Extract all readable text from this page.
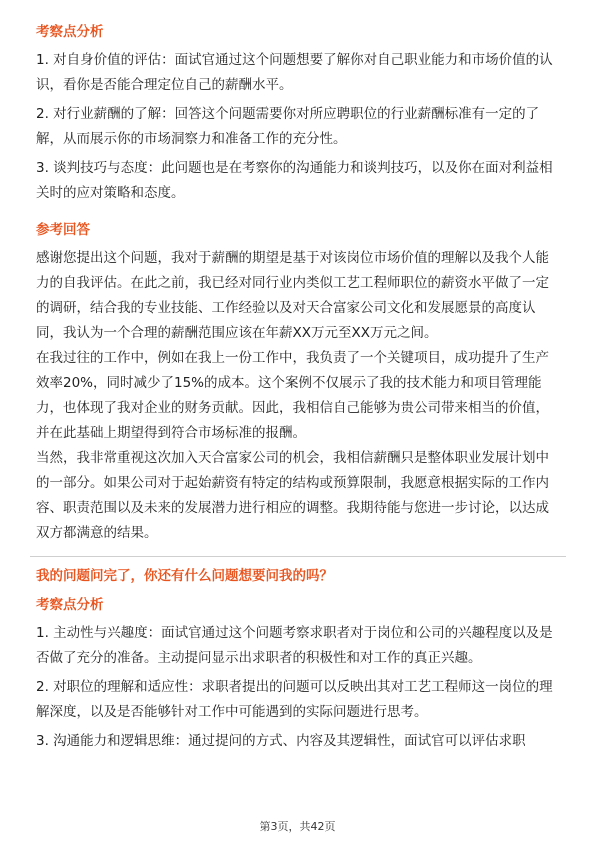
考察点分析
1. 对自身价值的评估：面试官通过这个问题想要了解你对自己职业能力和市场价值的认识，看你是否能合理定位自己的薪酬水平。
2. 对行业薪酬的了解：回答这个问题需要你对所应聘职位的行业薪酬标准有一定的了解，从而展示你的市场洞察力和准备工作的充分性。
3. 谈判技巧与态度：此问题也是在考察你的沟通能力和谈判技巧，以及你在面对利益相关时的应对策略和态度。
参考回答
感谢您提出这个问题，我对于薪酬的期望是基于对该岗位市场价值的理解以及我个人能力的自我评估。在此之前，我已经对同行业内类似工艺工程师职位的薪资水平做了一定的调研，结合我的专业技能、工作经验以及对天合富家公司文化和发展愿景的高度认同，我认为一个合理的薪酬范围应该在年薪XX万元至XX万元之间。
在我过往的工作中，例如在我上一份工作中，我负责了一个关键项目，成功提升了生产效率20%，同时减少了15%的成本。这个案例不仅展示了我的技术能力和项目管理能力，也体现了我对企业的财务贡献。因此，我相信自己能够为贵公司带来相当的价值，并在此基础上期望得到符合市场标准的报酬。
当然，我非常重视这次加入天合富家公司的机会，我相信薪酬只是整体职业发展计划中的一部分。如果公司对于起始薪资有特定的结构或预算限制，我愿意根据实际的工作内容、职责范围以及未来的发展潜力进行相应的调整。我期待能与您进一步讨论，以达成双方都满意的结果。
我的问题问完了，你还有什么问题想要问我的吗？
考察点分析
1. 主动性与兴趣度：面试官通过这个问题考察求职者对于岗位和公司的兴趣程度以及是否做了充分的准备。主动提问显示出求职者的积极性和对工作的真正兴趣。
2. 对职位的理解和适应性：求职者提出的问题可以反映出其对工艺工程师这一岗位的理解深度，以及是否能够针对工作中可能遇到的实际问题进行思考。
3. 沟通能力和逻辑思维：通过提问的方式、内容及其逻辑性，面试官可以评估求职
第3页，共42页
